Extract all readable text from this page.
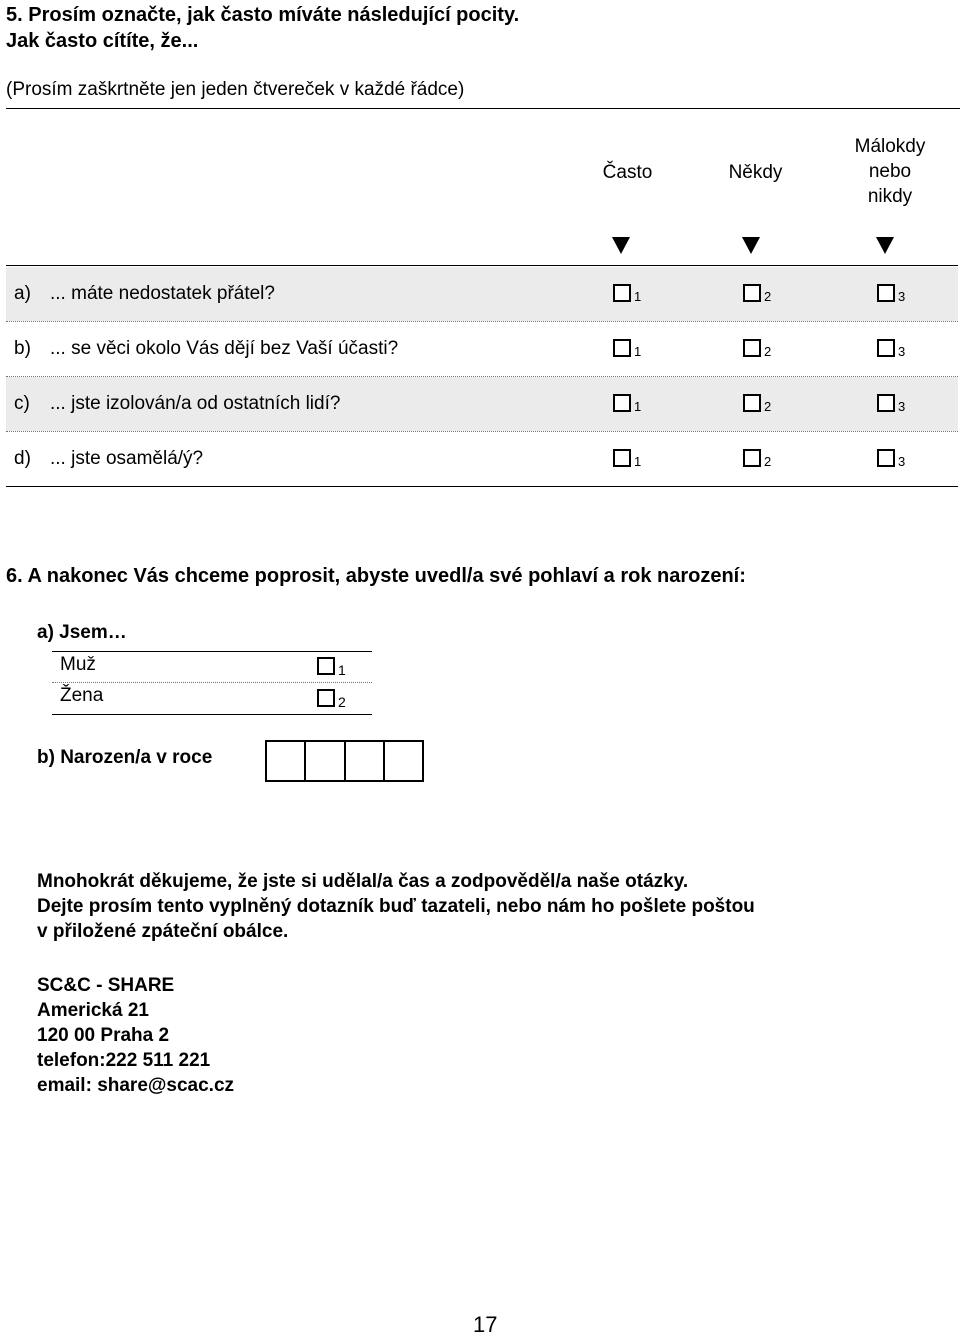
5. Prosím označte, jak často míváte následující pocity.
Jak často cítíte, že...
(Prosím zaškrtněte jen jeden čtvereček v každé řádce)
Často	Někdy
Málokdy
nebo
nikdy
a) ... máte nedostatek přátel?	1	2	3
b) ... se věci okolo Vás dějí bez Vaší účasti?	1	2	3
c) ... jste izolován/a od ostatních lidí?	1	2	3
d) ... jste osamělá/ý?	1	2	3
6. A nakonec Vás chceme poprosit, abyste uvedl/a své pohlaví a rok narození:
a) Jsem…
Muž	1
Žena	2
b) Narozen/a v roce
Mnohokrát děkujeme, že jste si udělal/a čas a zodpověděl/a naše otázky.
Dejte prosím tento vyplněný dotazník buď tazateli, nebo nám ho pošlete poštou
v přiložené zpáteční obálce.
SC&C - SHARE
Americká 21
120 00 Praha 2
telefon:222 511 221
email: share@scac.cz
17
